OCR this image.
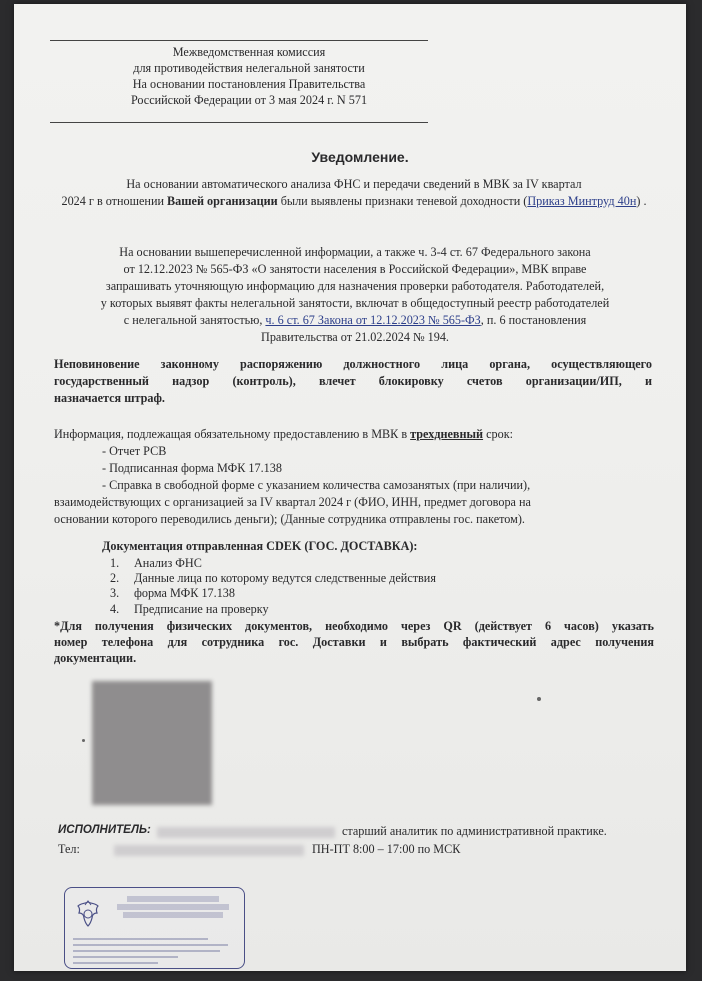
Межведомственная комиссия
для противодействия нелегальной занятости
На основании постановления Правительства
Российской Федерации от 3 мая 2024 г. N 571
Уведомление.
На основании автоматического анализа ФНС и передачи сведений в МВК за IV квартал
2024 г в отношении Вашей организации были выявлены признаки теневой доходности (Приказ Минтруд 40н) .
На основании вышеперечисленной информации, а также ч. 3-4 ст. 67 Федерального закона
от 12.12.2023 № 565-ФЗ «О занятости населения в Российской Федерации», МВК вправе
запрашивать уточняющую информацию для назначения проверки работодателя. Работодателей,
у которых выявят факты нелегальной занятости, включат в общедоступный реестр работодателей
с нелегальной занятостью, ч. 6 ст. 67 Закона от 12.12.2023 № 565-ФЗ, п. 6 постановления
Правительства от 21.02.2024 № 194.
Неповиновение законному распоряжению должностного лица органа, осуществляющего
государственный надзор (контроль), влечет блокировку счетов организации/ИП, и
назначается штраф.
Информация, подлежащая обязательному предоставлению в МВК в трехдневный срок:
- Отчет РСВ
- Подписанная форма МФК 17.138
- Справка в свободной форме с указанием количества самозанятых (при наличии),
взаимодействующих с организацией за IV квартал 2024 г (ФИО, ИНН, предмет договора на
основании которого переводились деньги); (Данные сотрудника отправлены гос. пакетом).
Документация отправленная CDEK (ГОС. ДОСТАВКА):
1. Анализ ФНС
2. Данные лица по которому ведутся следственные действия
3. форма МФК 17.138
4. Предписание на проверку
*Для получения физических документов, необходимо через QR (действует 6 часов) указать
номер телефона для сотрудника гос. Доставки и выбрать фактический адрес получения
документации.
ИСПОЛНИТЕЛЬ:	старший аналитик по административной практике.
Тел:	ПН-ПТ 8:00 – 17:00 по МСК
